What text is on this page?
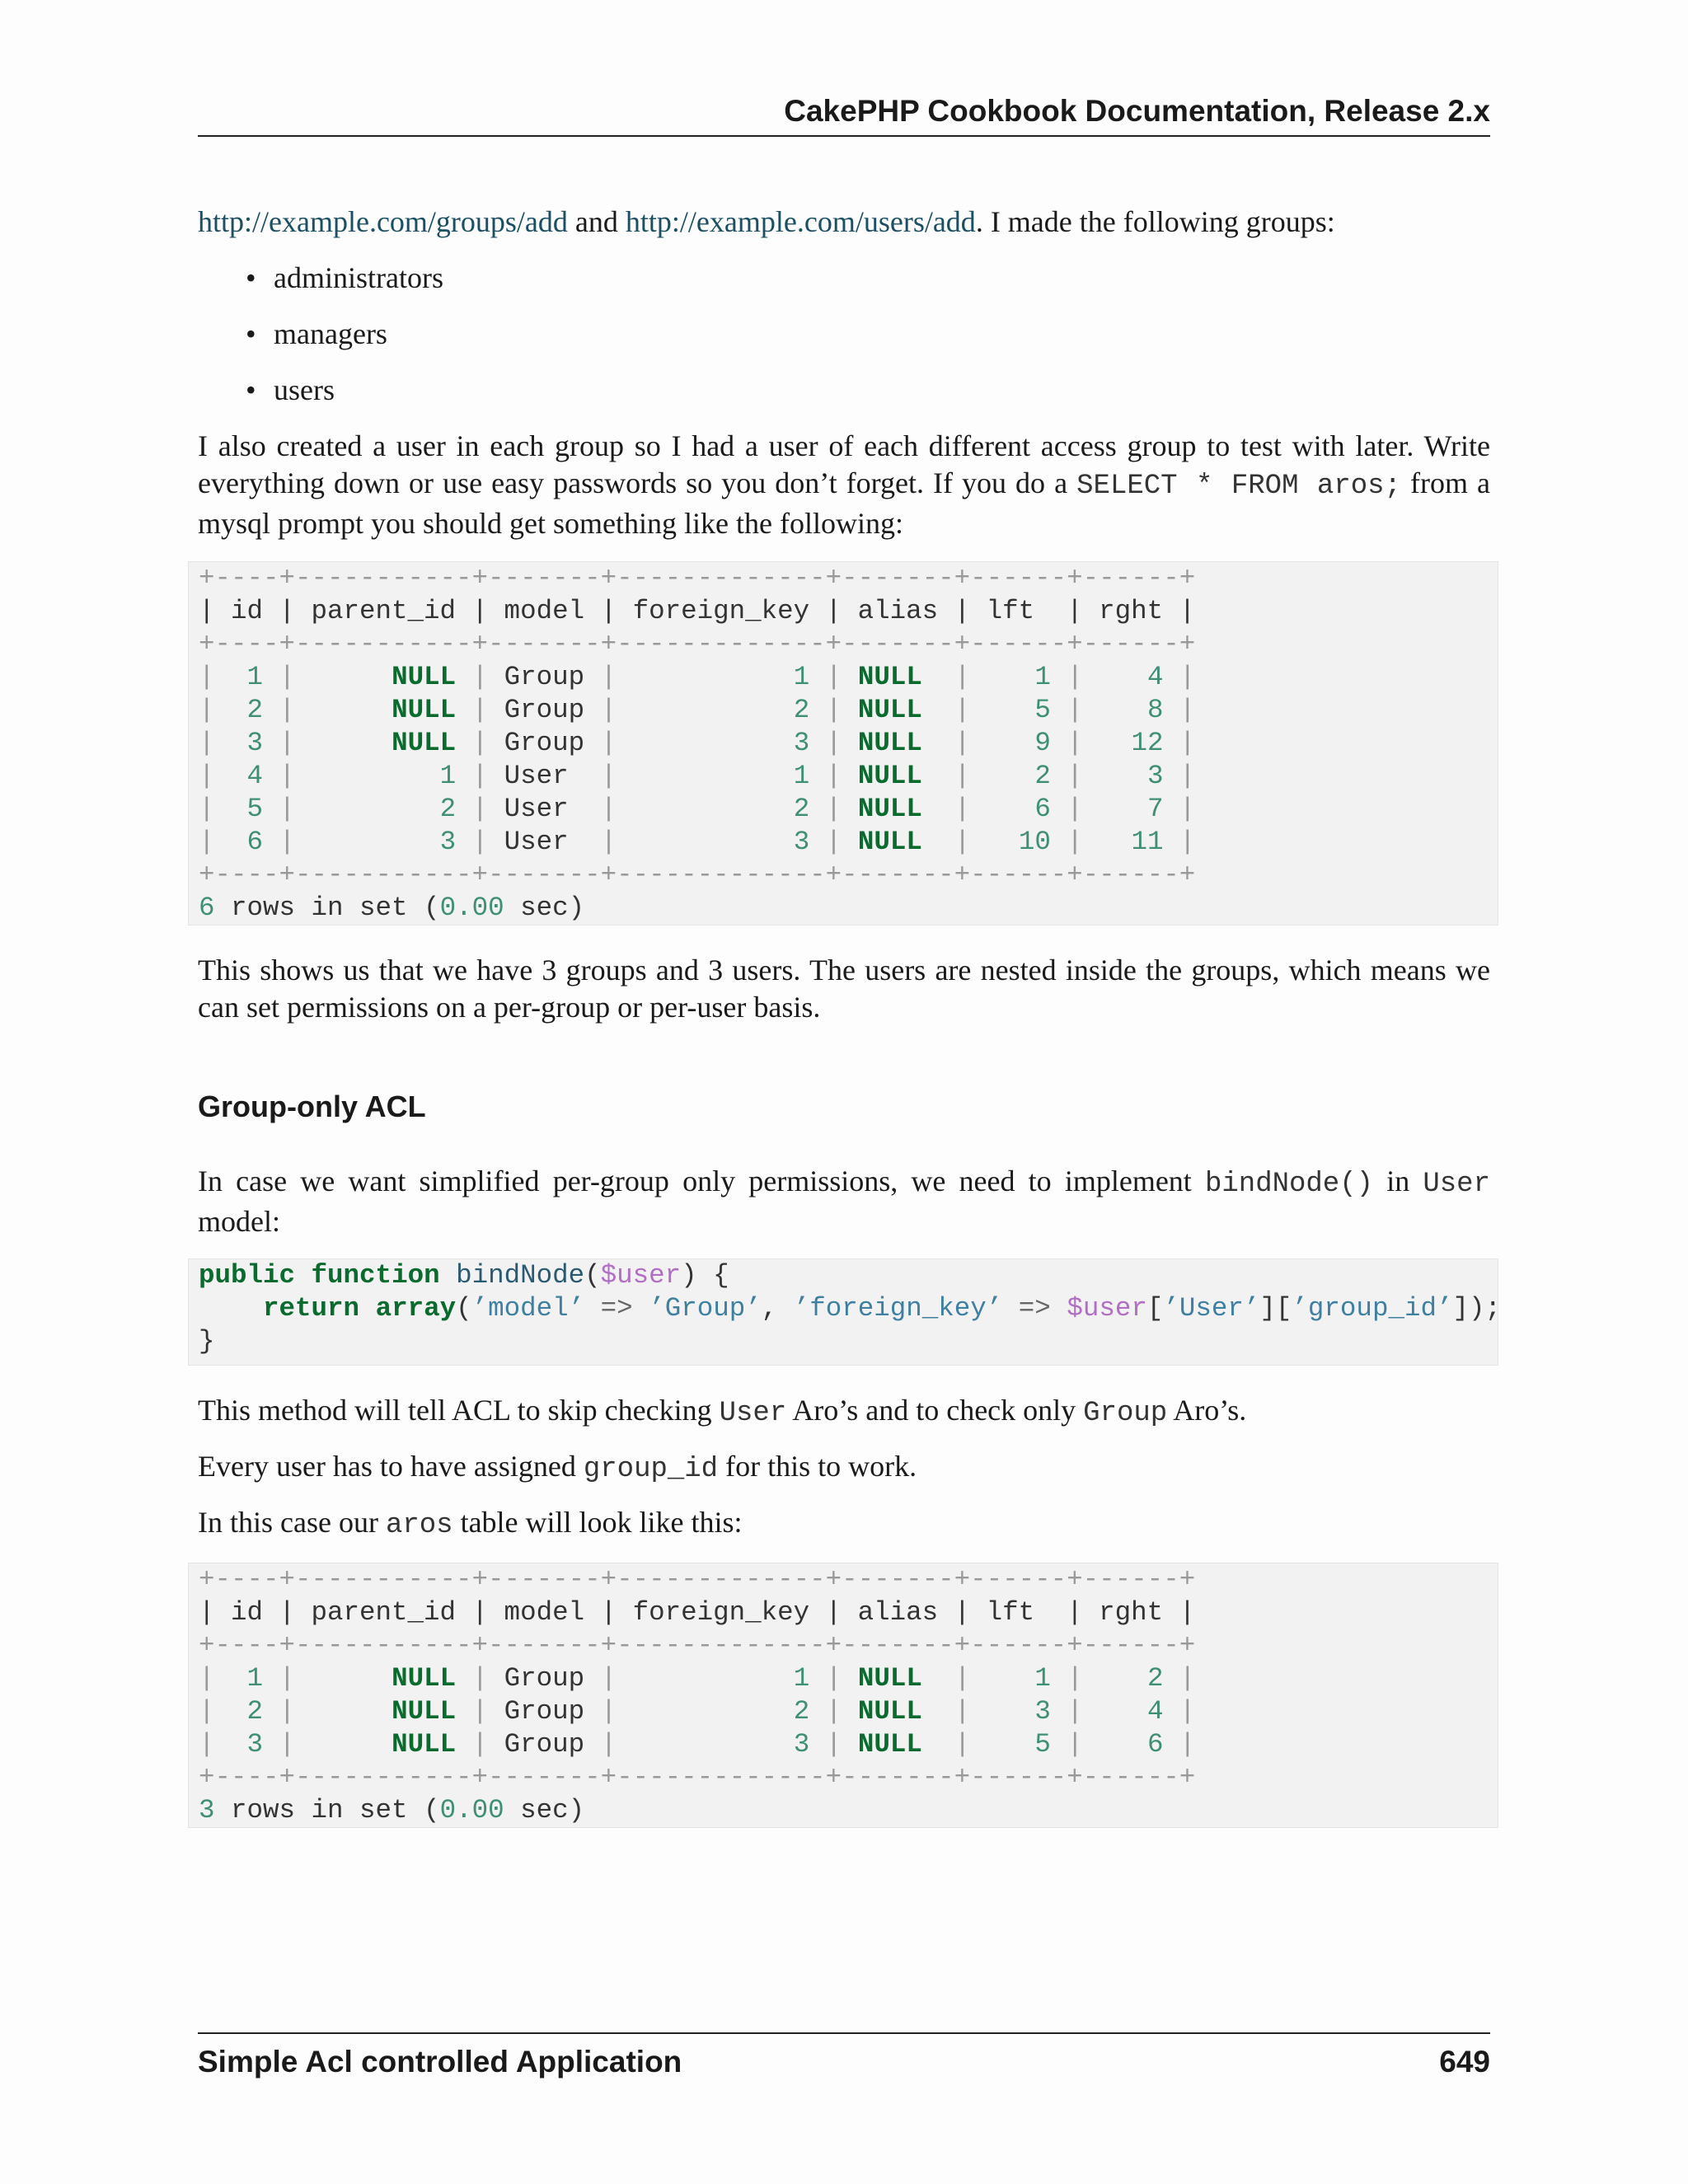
CakePHP Cookbook Documentation, Release 2.x

http://example.com/groups/add and http://example.com/users/add. I made the following groups:

• administrators
• managers
• users

I also created a user in each group so I had a user of each different access group to test with later. Write everything down or use easy passwords so you don’t forget. If you do a SELECT * FROM aros; from a mysql prompt you should get something like the following:

+----+-----------+-------+-------------+-------+------+------+
| id | parent_id | model | foreign_key | alias | lft  | rght |
+----+-----------+-------+-------------+-------+------+------+
| 1 |	NULL | Group |	1 | NULL | 1 | 4 |
| 2 |	NULL | Group |	2 | NULL | 5 | 8 |
| 3 |	NULL | Group |	3 | NULL | 9 | 12 |
| 4 |	1 | User |	1 | NULL | 2 | 3 |
| 5 |	2 | User |	2 | NULL | 6 | 7 |
| 6 |	3 | User |	3 | NULL | 10 | 11 |
+----+-----------+-------+-------------+-------+------+------+
6 rows in set (0.00 sec)

This shows us that we have 3 groups and 3 users. The users are nested inside the groups, which means we can set permissions on a per-group or per-user basis.

Group-only ACL

In case we want simplified per-group only permissions, we need to implement bindNode() in User model:

public function bindNode($user) {
return array(’model’ => ’Group’, ’foreign_key’ => $user[’User’][’group_id’]);
}

This method will tell ACL to skip checking User Aro’s and to check only Group Aro’s.

Every user has to have assigned group_id for this to work.

In this case our aros table will look like this:

+----+-----------+-------+-------------+-------+------+------+
| id | parent_id | model | foreign_key | alias | lft  | rght |
+----+-----------+-------+-------------+-------+------+------+
| 1 |	NULL | Group |	1 | NULL | 1 | 2 |
| 2 |	NULL | Group |	2 | NULL | 3 | 4 |
| 3 |	NULL | Group |	3 | NULL | 5 | 6 |
+----+-----------+-------+-------------+-------+------+------+
3 rows in set (0.00 sec)
Simple Acl controlled Application	649
